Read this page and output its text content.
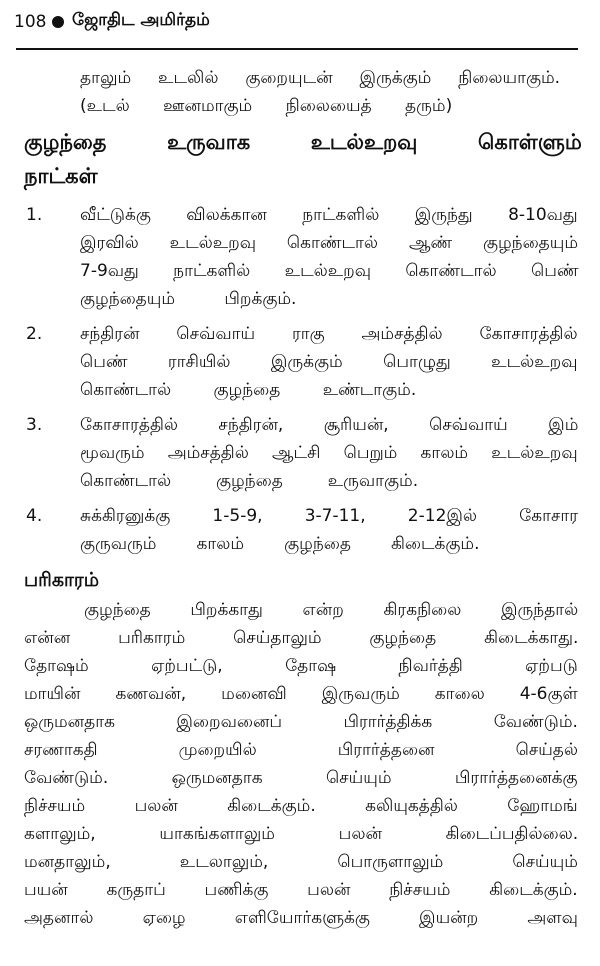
108 ஜோதிட அமிர்தம்
தாலும் உடலில் குறையுடன் இருக்கும் நிலையாகும்.
(உடல் ஊனமாகும் நிலையைத் தரும்)
குழந்தை உருவாக உடல்உறவு கொள்ளும்
நாட்கள்
1. வீட்டுக்கு விலக்கான நாட்களில் இருந்து 8-10வது
இரவில் உடல்உறவு கொண்டால் ஆண் குழந்தையும்
7-9வது நாட்களில் உடல்உறவு கொண்டால் பெண்
குழந்தையும் பிறக்கும்.
2. சந்திரன் செவ்வாய் ராகு அம்சத்தில் கோசாரத்தில்
பெண் ராசியில் இருக்கும் பொழுது உடல்உறவு
கொண்டால் குழந்தை உண்டாகும்.
3. கோசாரத்தில் சந்திரன், சூரியன், செவ்வாய் இம்
மூவரும் அம்சத்தில் ஆட்சி பெறும் காலம் உடல்உறவு
கொண்டால் குழந்தை உருவாகும்.
4. சுக்கிரனுக்கு 1-5-9, 3-7-11, 2-12இல் கோசார
குருவரும் காலம் குழந்தை கிடைக்கும்.
பரிகாரம்
குழந்தை பிறக்காது என்ற கிரகநிலை இருந்தால்
என்ன பரிகாரம் செய்தாலும் குழந்தை கிடைக்காது.
தோஷம் ஏற்பட்டு, தோஷ நிவர்த்தி ஏற்படு
மாயின் கணவன், மனைவி இருவரும் காலை 4-6குள்
ஒருமனதாக இறைவனைப் பிரார்த்திக்க வேண்டும்.
சரணாகதி முறையில் பிரார்த்தனை செய்தல்
வேண்டும். ஒருமனதாக செய்யும் பிரார்த்தனைக்கு
நிச்சயம் பலன் கிடைக்கும். கலியுகத்தில் ஹோமங்
களாலும், யாகங்களாலும் பலன் கிடைப்பதில்லை.
மனதாலும், உடலாலும், பொருளாலும் செய்யும்
பயன் கருதாப் பணிக்கு பலன் நிச்சயம் கிடைக்கும்.
அதனால் ஏழை எளியோர்களுக்கு இயன்ற அளவு
